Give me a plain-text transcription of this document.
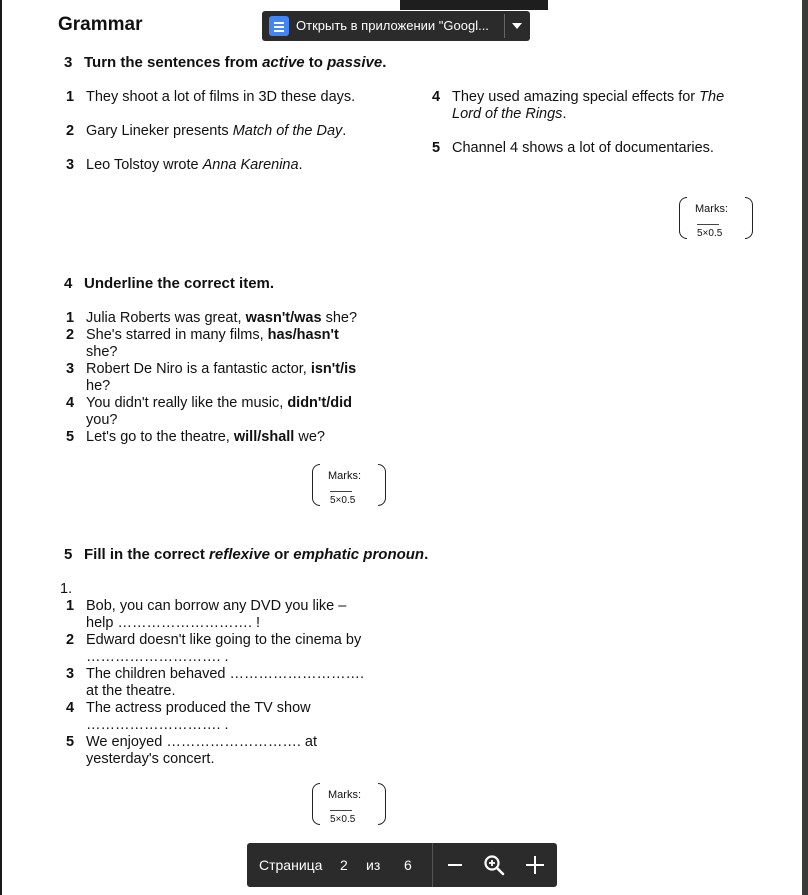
Grammar
3 Turn the sentences from active to passive.
1 They shoot a lot of films in 3D these days.
2 Gary Lineker presents Match of the Day.
3 Leo Tolstoy wrote Anna Karenina.
4 They used amazing special effects for The Lord of the Rings.
5 Channel 4 shows a lot of documentaries.
Marks:
5×0.5
4 Underline the correct item.
1 Julia Roberts was great, wasn't/was she?
2 She's starred in many films, has/hasn't she?
3 Robert De Niro is a fantastic actor, isn't/is he?
4 You didn't really like the music, didn't/did you?
5 Let's go to the theatre, will/shall we?
Marks:
5×0.5
5 Fill in the correct reflexive or emphatic pronoun.
1.
1 Bob, you can borrow any DVD you like –
help ………………………. !
2 Edward doesn't like going to the cinema by
………………………. .
3 The children behaved ……………………….
at the theatre.
4 The actress produced the TV show
………………………. .
5 We enjoyed ………………………. at
yesterday's concert.
Marks:
5×0.5
Открыть в приложении "Googl...
Страница 2 из 6
